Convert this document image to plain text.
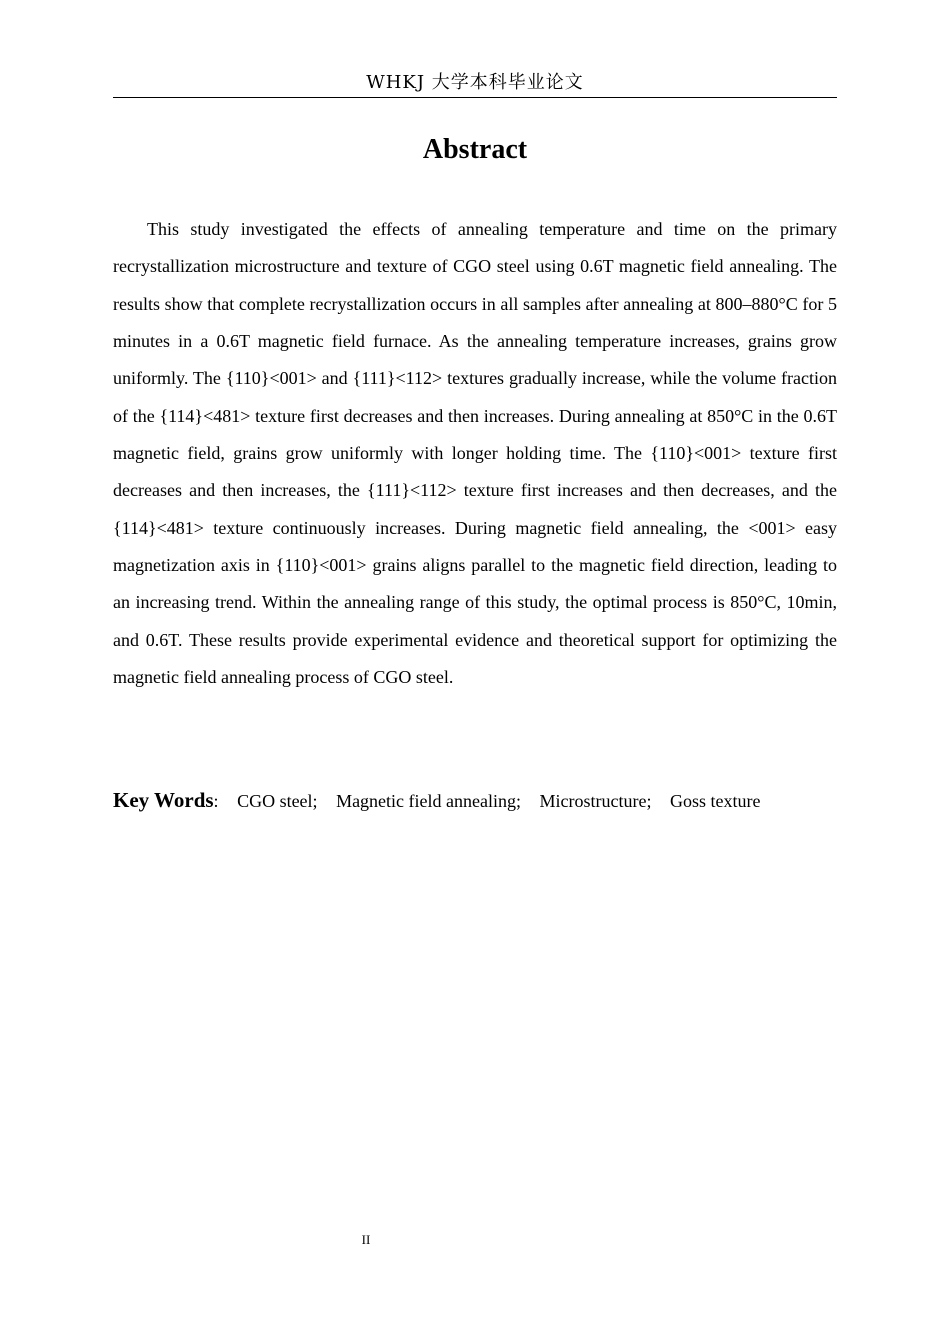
WHKJ 大学本科毕业论文
Abstract

This study investigated the effects of annealing temperature and time on the primary recrystallization microstructure and texture of CGO steel using 0.6T magnetic field annealing. The results show that complete recrystallization occurs in all samples after annealing at 800–880°C for 5 minutes in a 0.6T magnetic field furnace. As the annealing temperature increases, grains grow uniformly. The {110}<001> and {111}<112> textures gradually increase, while the volume fraction of the {114}<481> texture first decreases and then increases. During annealing at 850°C in the 0.6T magnetic field, grains grow uniformly with longer holding time. The {110}<001> texture first decreases and then increases, the {111}<112> texture first increases and then decreases, and the {114}<481> texture continuously increases. During magnetic field annealing, the <001> easy magnetization axis in {110}<001> grains aligns parallel to the magnetic field direction, leading to an increasing trend. Within the annealing range of this study, the optimal process is 850°C, 10min, and 0.6T. These results provide experimental evidence and theoretical support for optimizing the magnetic field annealing process of CGO steel.

Key Words: CGO steel; Magnetic field annealing; Microstructure; Goss texture
II
